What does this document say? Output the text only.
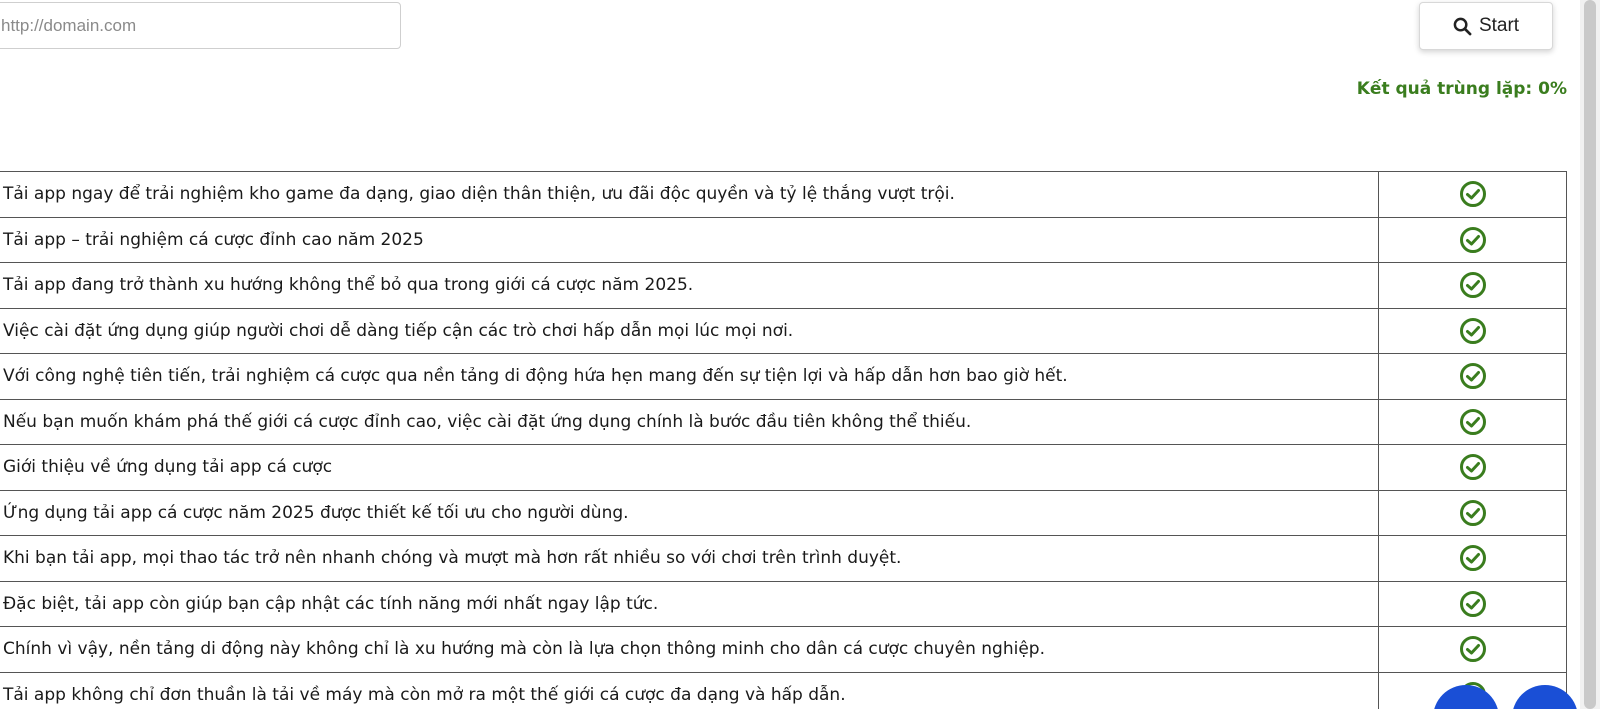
http://domain.com
Start
Kết quả trùng lặp: 0%
Tải app ngay để trải nghiệm kho game đa dạng, giao diện thân thiện, ưu đãi độc quyền và tỷ lệ thắng vượt trội.	
Tải app – trải nghiệm cá cược đỉnh cao năm 2025	
Tải app đang trở thành xu hướng không thể bỏ qua trong giới cá cược năm 2025.	
Việc cài đặt ứng dụng giúp người chơi dễ dàng tiếp cận các trò chơi hấp dẫn mọi lúc mọi nơi.	
Với công nghệ tiên tiến, trải nghiệm cá cược qua nền tảng di động hứa hẹn mang đến sự tiện lợi và hấp dẫn hơn bao giờ hết.	
Nếu bạn muốn khám phá thế giới cá cược đỉnh cao, việc cài đặt ứng dụng chính là bước đầu tiên không thể thiếu.	
Giới thiệu về ứng dụng tải app cá cược	
Ứng dụng tải app cá cược năm 2025 được thiết kế tối ưu cho người dùng.	
Khi bạn tải app, mọi thao tác trở nên nhanh chóng và mượt mà hơn rất nhiều so với chơi trên trình duyệt.	
Đặc biệt, tải app còn giúp bạn cập nhật các tính năng mới nhất ngay lập tức.	
Chính vì vậy, nền tảng di động này không chỉ là xu hướng mà còn là lựa chọn thông minh cho dân cá cược chuyên nghiệp.	
Tải app không chỉ đơn thuần là tải về máy mà còn mở ra một thế giới cá cược đa dạng và hấp dẫn.	
